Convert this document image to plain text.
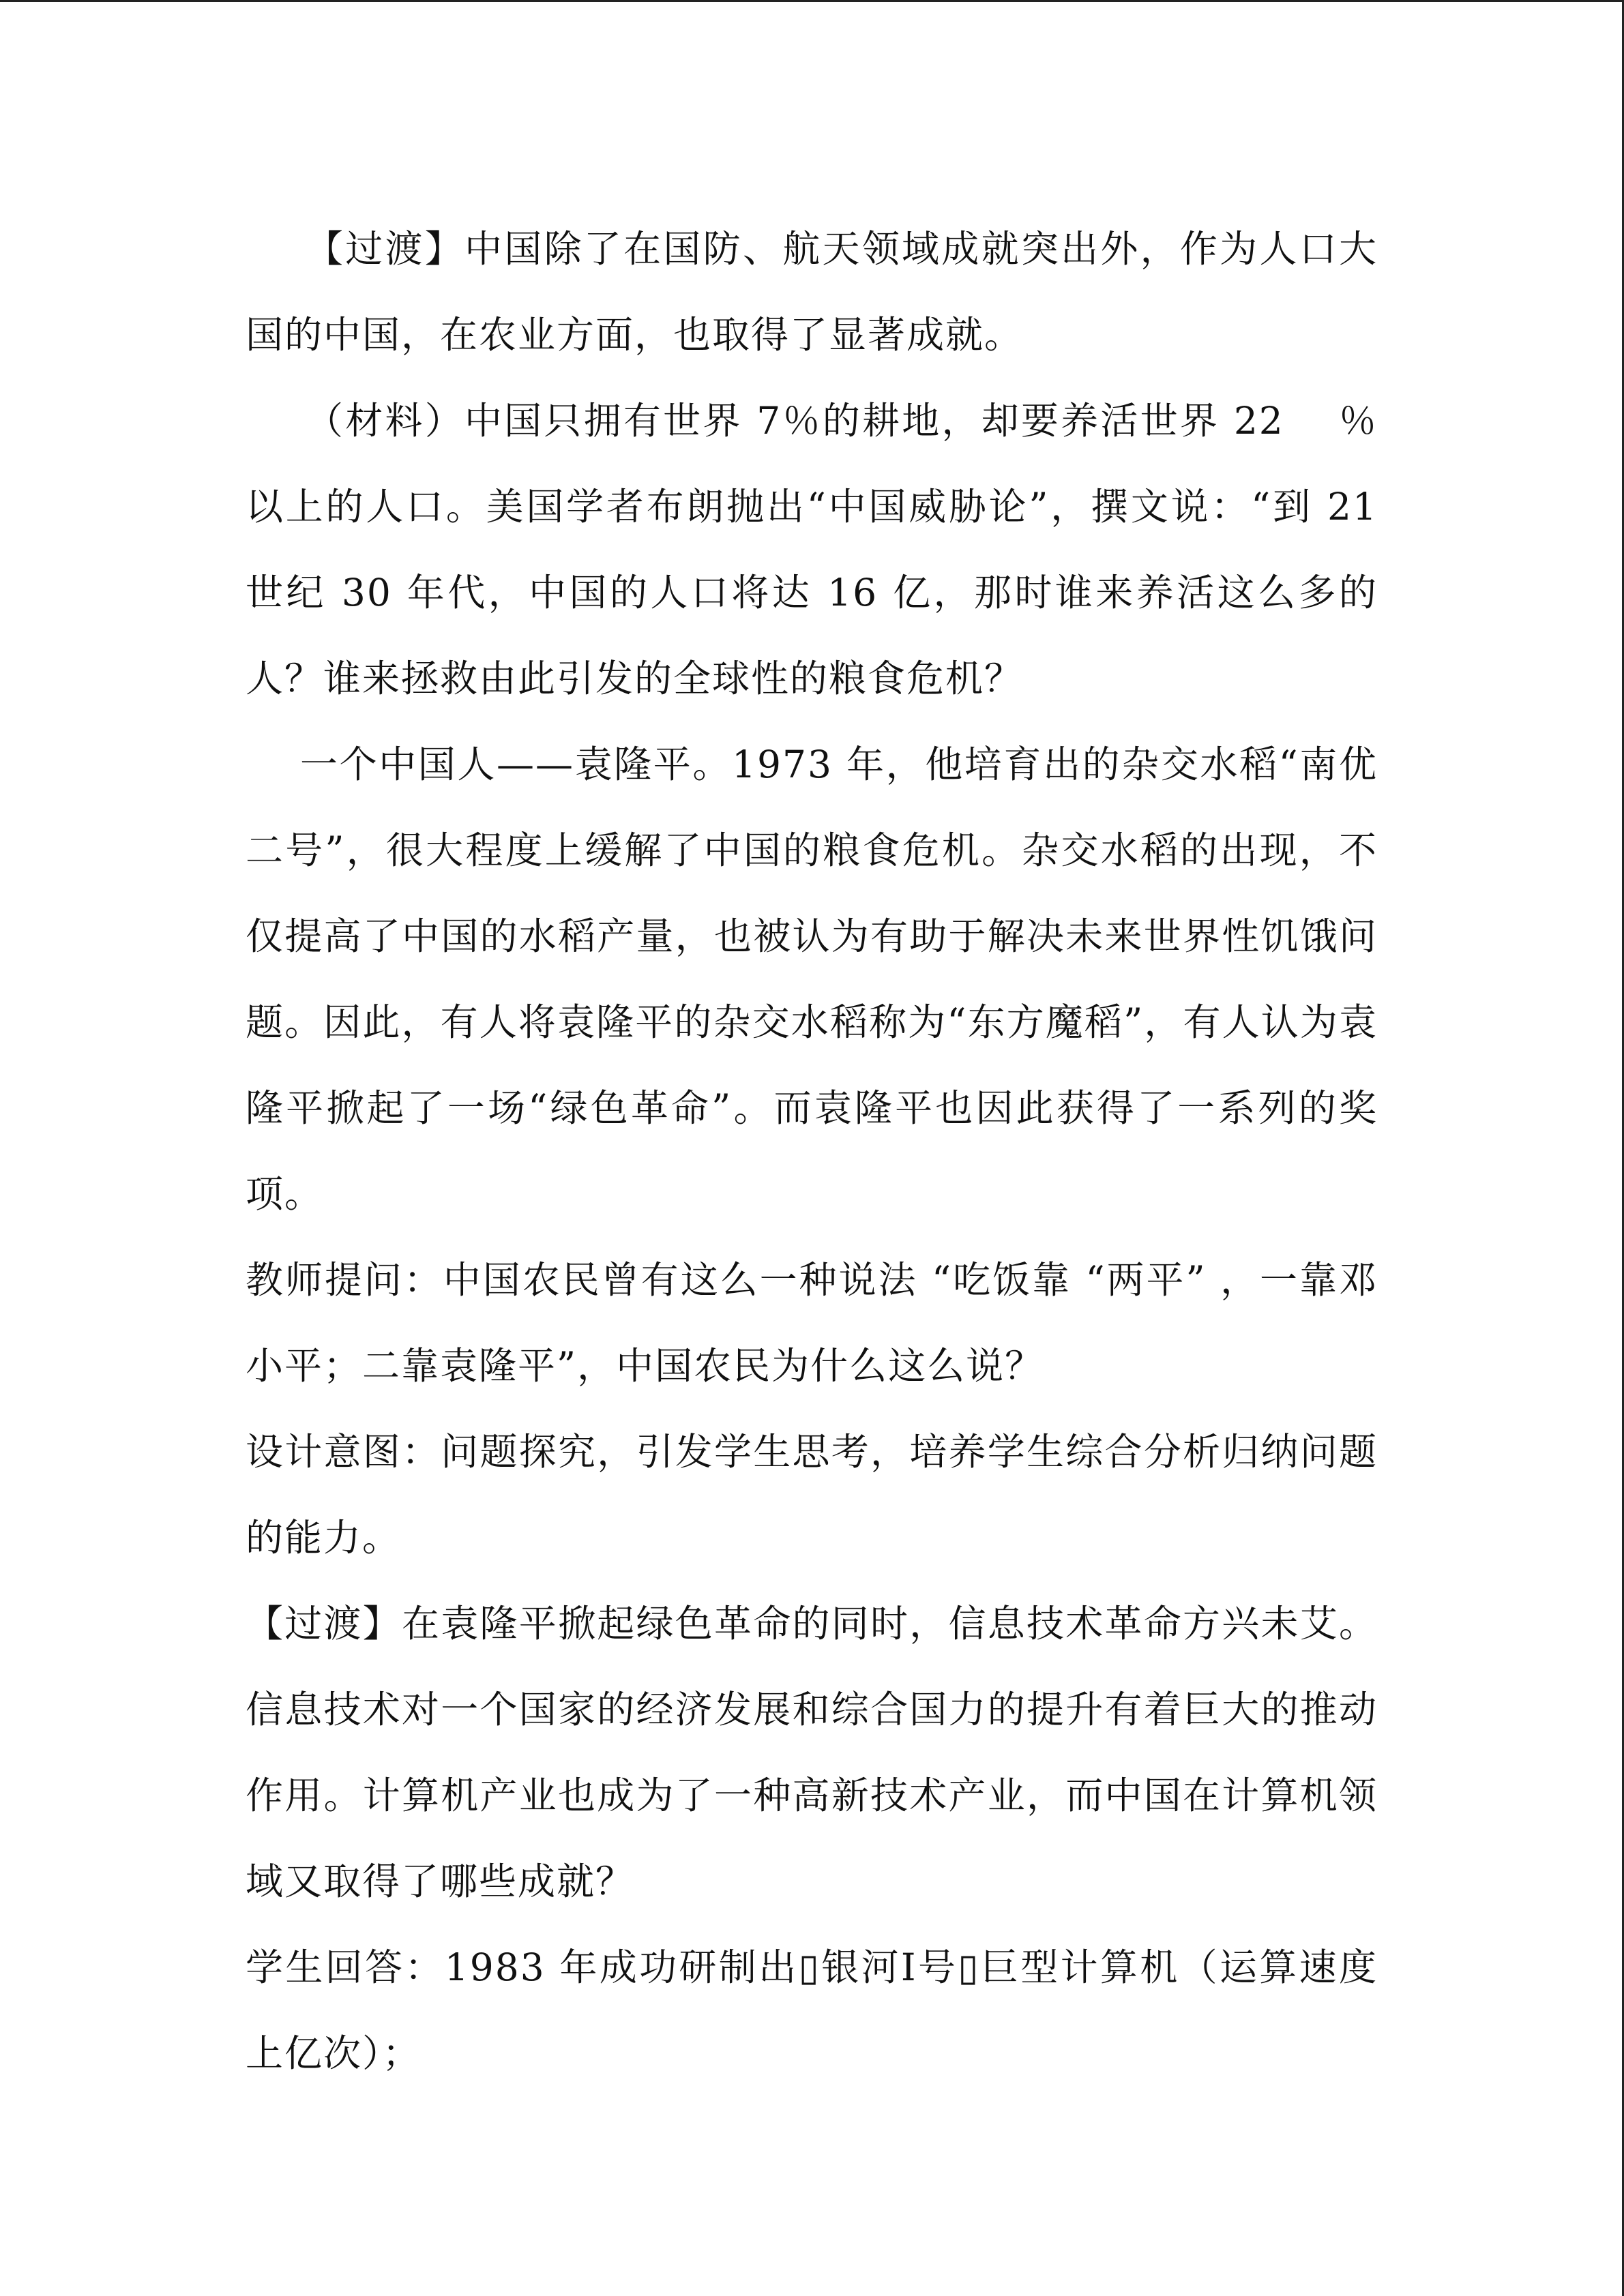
【过渡】中国除了在国防、航天领域成就突出外，作为人口大国的中国，在农业方面，也取得了显著成就。

（材料）中国只拥有世界 7％的耕地，却要养活世界 22　 ％以上的人口。美国学者布朗抛出“中国威胁论”，撰文说：“到 21 世纪 30 年代，中国的人口将达 16 亿，那时谁来养活这么多的人？谁来拯救由此引发的全球性的粮食危机？

一个中国人——袁隆平。1973 年，他培育出的杂交水稻“南优二号”，很大程度上缓解了中国的粮食危机。杂交水稻的出现，不仅提高了中国的水稻产量，也被认为有助于解决未来世界性饥饿问题。因此，有人将袁隆平的杂交水稻称为“东方魔稻”，有人认为袁隆平掀起了一场“绿色革命”。而袁隆平也因此获得了一系列的奖项。

教师提问：中国农民曾有这么一种说法 “吃饭靠 “两平” ，一靠邓小平；二靠袁隆平”，中国农民为什么这么说？

设计意图：问题探究，引发学生思考，培养学生综合分析归纳问题的能力。

【过渡】在袁隆平掀起绿色革命的同时，信息技术革命方兴未艾。信息技术对一个国家的经济发展和综合国力的提升有着巨大的推动作用。计算机产业也成为了一种高新技术产业，而中国在计算机领域又取得了哪些成就？

学生回答：1983 年成功研制出▯银河Ⅰ号▯巨型计算机（运算速度上亿次）；
